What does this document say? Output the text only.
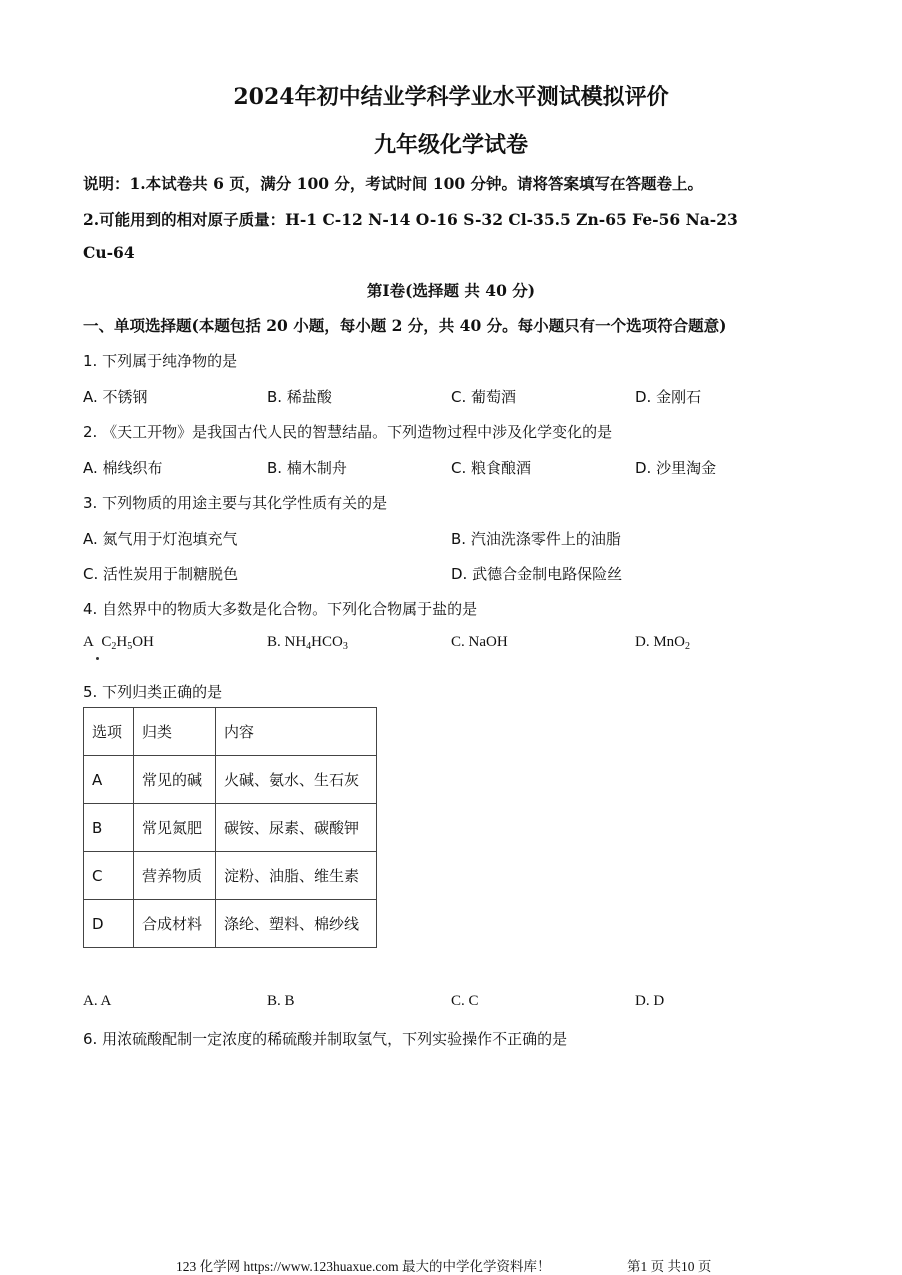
2024年初中结业学科学业水平测试模拟评价
九年级化学试卷
说明：1.本试卷共 6 页，满分 100 分，考试时间 100 分钟。请将答案填写在答题卷上。
2.可能用到的相对原子质量：H-1 C-12 N-14 O-16 S-32 Cl-35.5 Zn-65 Fe-56 Na-23
Cu-64
第Ⅰ卷(选择题 共 40 分)
一、单项选择题(本题包括 20 小题，每小题 2 分，共 40 分。每小题只有一个选项符合题意)
1. 下列属于纯净物的是
A. 不锈钢	B. 稀盐酸	C. 葡萄酒	D. 金刚石
2. 《天工开物》是我国古代人民的智慧结晶。下列造物过程中涉及化学变化的是
A. 棉线织布	B. 楠木制舟	C. 粮食酿酒	D. 沙里淘金
3. 下列物质的用途主要与其化学性质有关的是
A. 氮气用于灯泡填充气	B. 汽油洗涤零件上的油脂
C. 活性炭用于制糖脱色	D. 武德合金制电路保险丝
4. 自然界中的物质大多数是化合物。下列化合物属于盐的是
A $C_2H_5OH$	B. $NH_4HCO_3$	C. NaOH	D. MnO$_2$
5. 下列归类正确的是
选项	归类	内容
A	常见的碱	火碱、氨水、生石灰
B	常见氮肥	碳铵、尿素、碳酸钾
C	营养物质	淀粉、油脂、维生素
D	合成材料	涤纶、塑料、棉纱线
A. A	B. B	C. C	D. D
6. 用浓硫酸配制一定浓度的稀硫酸并制取氢气，下列实验操作不正确的是
123 化学网 https://www.123huaxue.com 最大的中学化学资料库！	第1 页 共10 页
